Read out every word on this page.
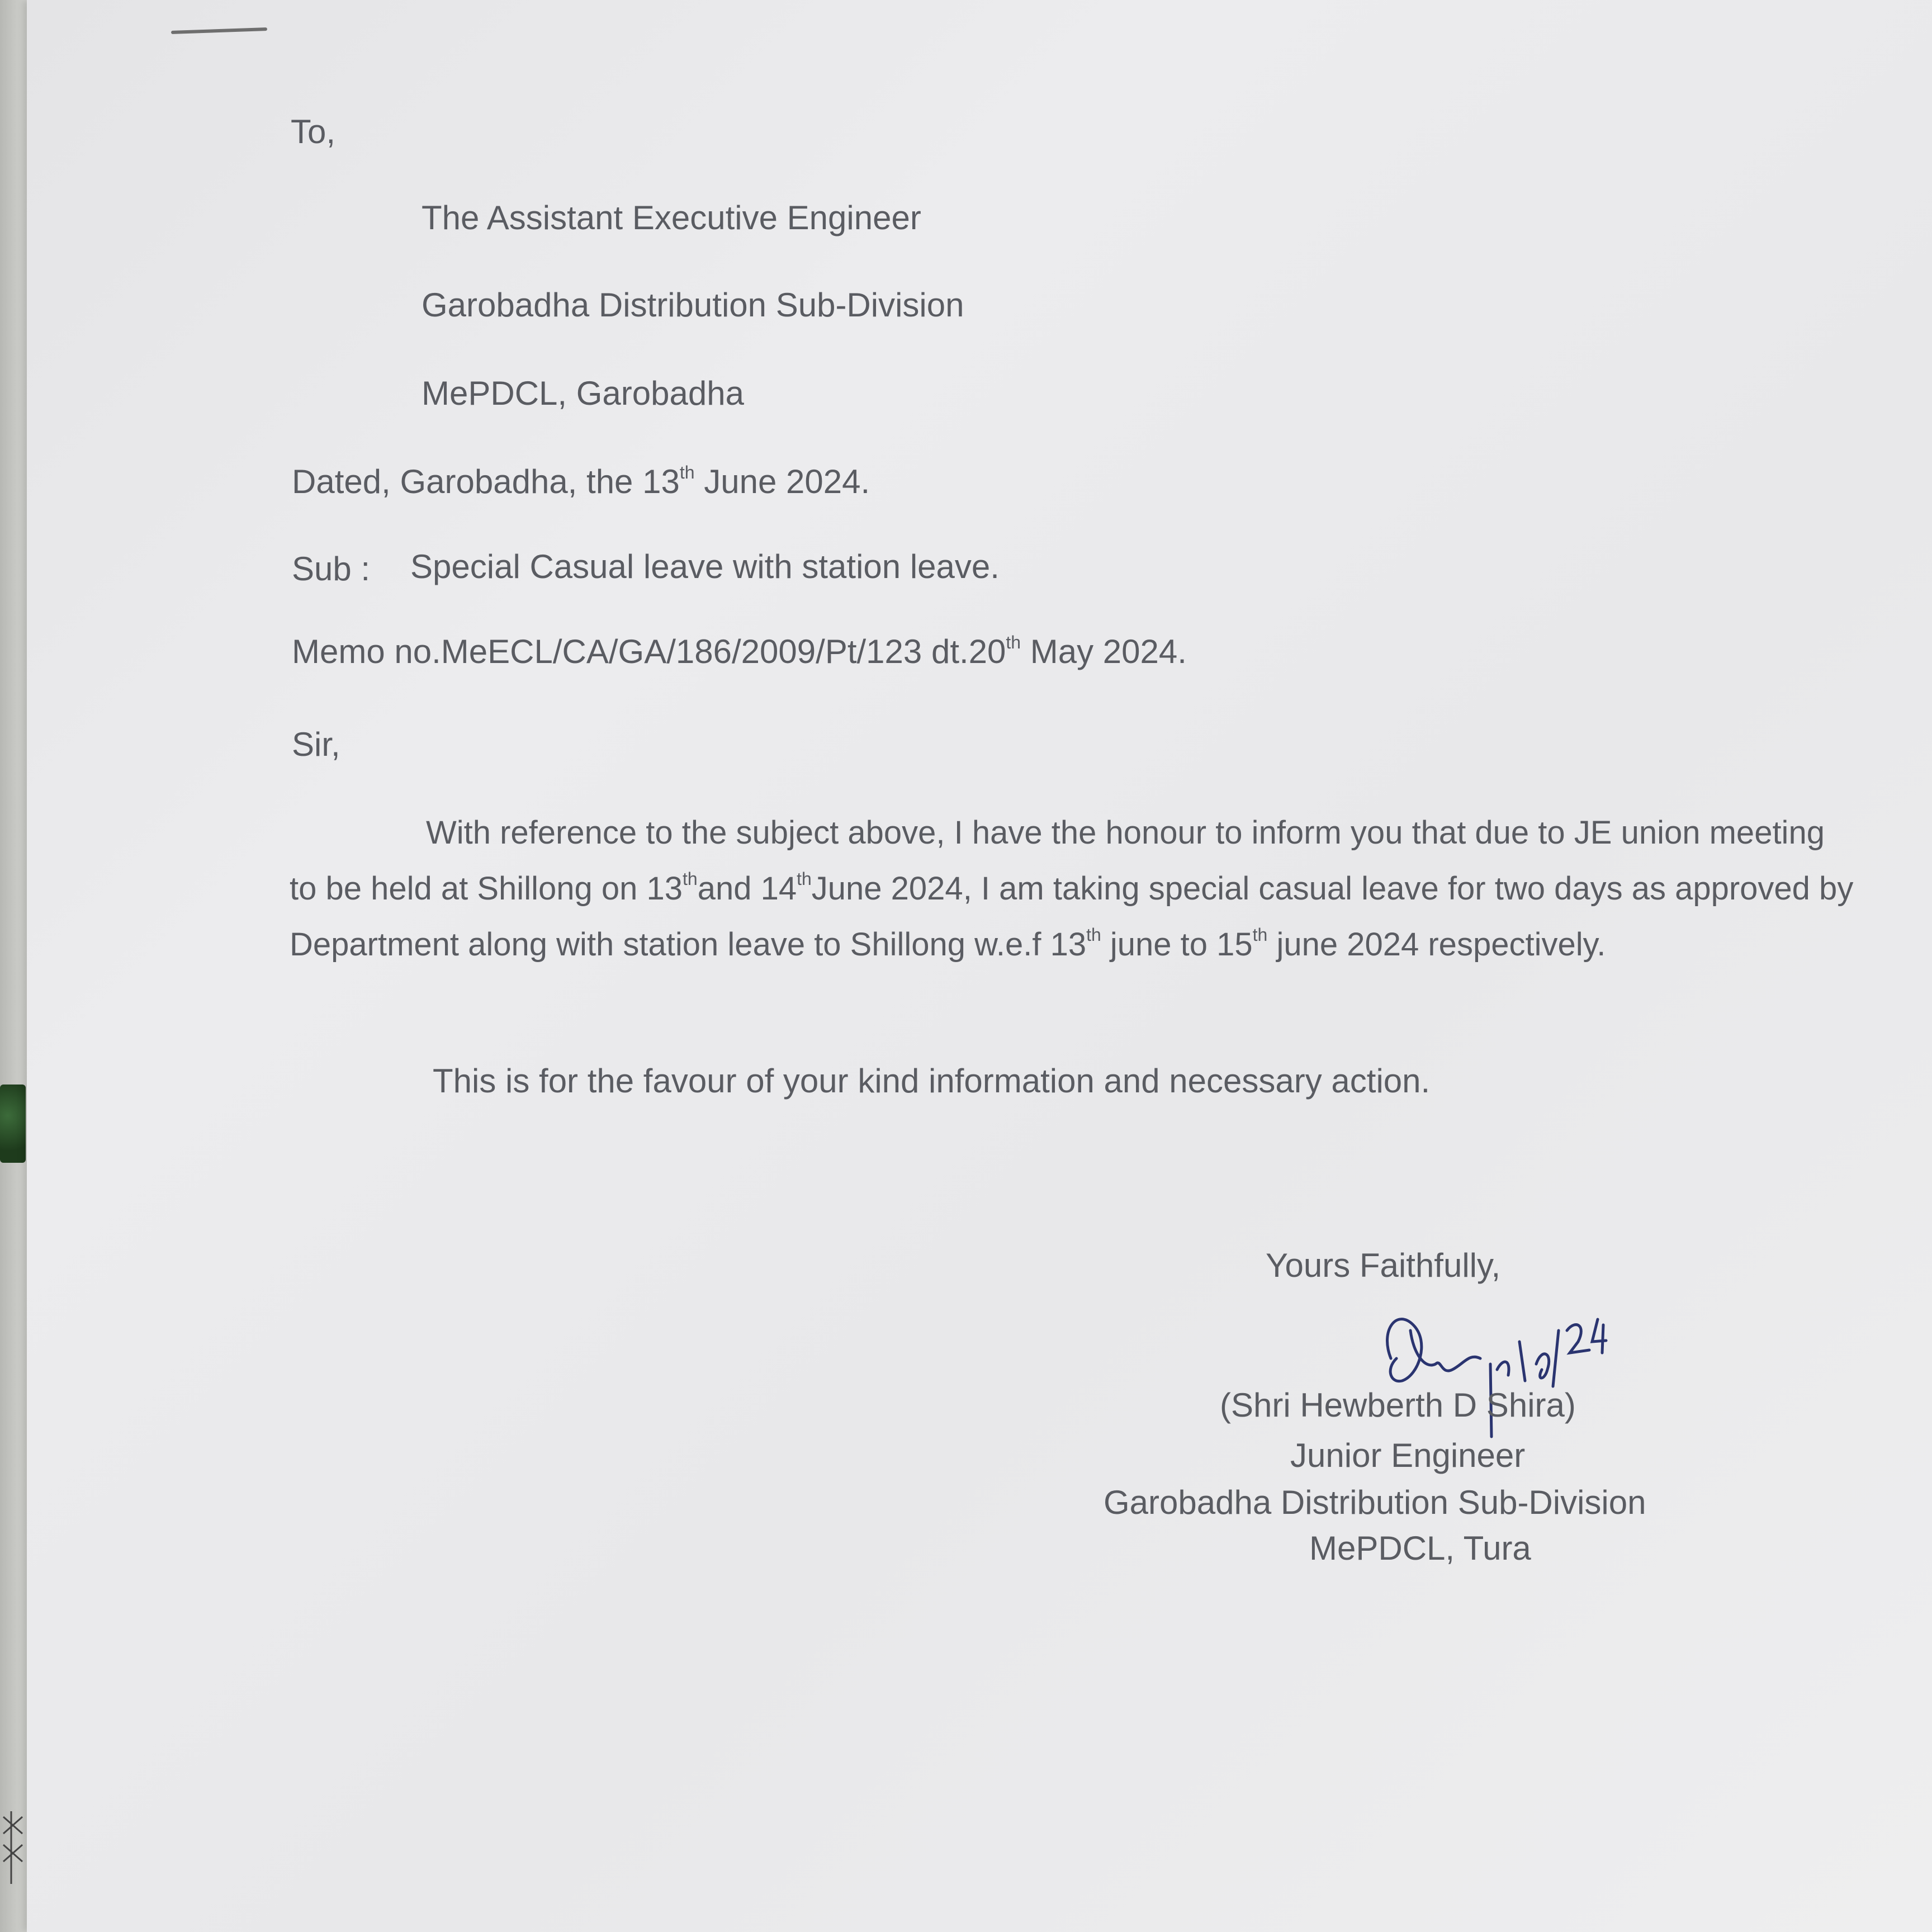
To,
The Assistant Executive Engineer
Garobadha Distribution Sub-Division
MePDCL, Garobadha
Dated, Garobadha, the 13th June 2024.
Sub : Special Casual leave with station leave.
Memo no.MeECL/CA/GA/186/2009/Pt/123 dt.20th May 2024.
Sir,
With reference to the subject above, I have the honour to inform you that due to JE union meeting to be held at Shillong on 13thand 14thJune 2024, I am taking special casual leave for two days as approved by Department along with station leave to Shillong w.e.f 13th june to 15th june 2024 respectively.
This is for the favour of your kind information and necessary action.
Yours Faithfully,
(Shri Hewberth D Shira)
Junior Engineer
Garobadha Distribution Sub-Division
MePDCL, Tura
